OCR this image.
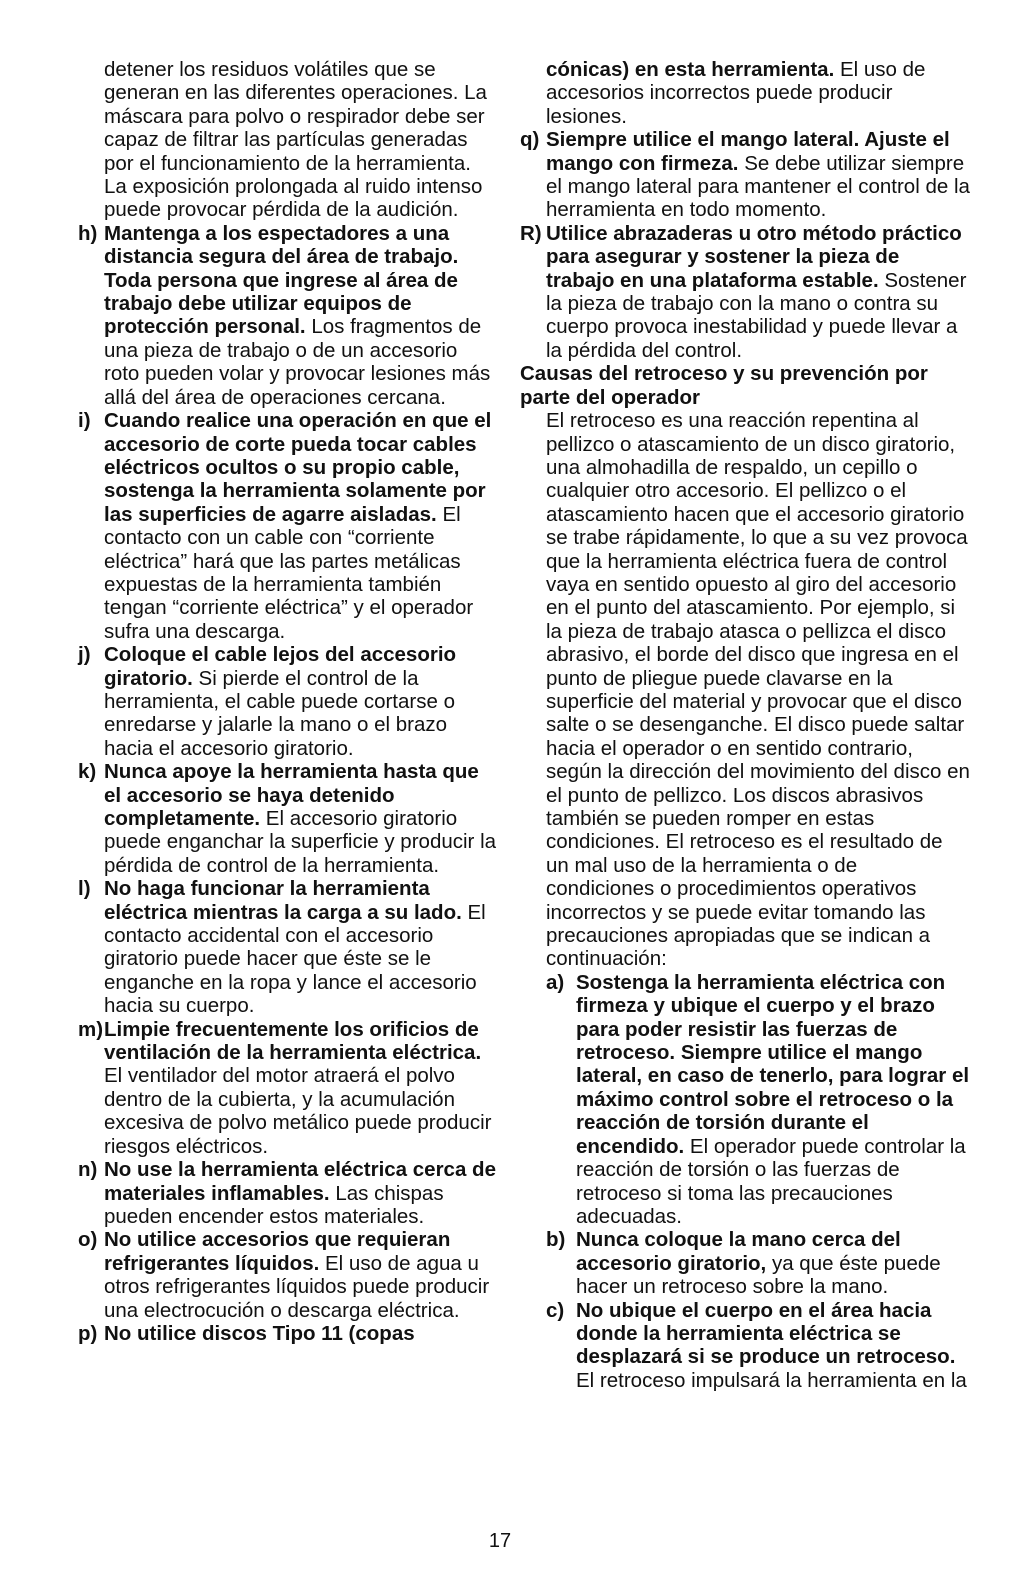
detener los residuos volátiles que se generan en las diferentes operaciones. La máscara para polvo o respirador debe ser capaz de filtrar las partículas generadas por el funcionamiento de la herramienta. La exposición prolongada al ruido intenso puede provocar pérdida de la audición.

h) Mantenga a los espectadores a una distancia segura del área de trabajo. Toda persona que ingrese al área de trabajo debe utilizar equipos de protección personal. Los fragmentos de una pieza de trabajo o de un accesorio roto pueden volar y provocar lesiones más allá del área de operaciones cercana.

i) Cuando realice una operación en que el accesorio de corte pueda tocar cables eléctricos ocultos o su propio cable, sostenga la herramienta solamente por las superficies de agarre aisladas. El contacto con un cable con “corriente eléctrica” hará que las partes metálicas expuestas de la herramienta también tengan “corriente eléctrica” y el operador sufra una descarga.

j) Coloque el cable lejos del accesorio giratorio. Si pierde el control de la herramienta, el cable puede cortarse o enredarse y jalarle la mano o el brazo hacia el accesorio giratorio.

k) Nunca apoye la herramienta hasta que el accesorio se haya detenido completamente. El accesorio giratorio puede enganchar la superficie y producir la pérdida de control de la herramienta.

l) No haga funcionar la herramienta eléctrica mientras la carga a su lado. El contacto accidental con el accesorio giratorio puede hacer que éste se le enganche en la ropa y lance el accesorio hacia su cuerpo.

m) Limpie frecuentemente los orificios de ventilación de la herramienta eléctrica. El ventilador del motor atraerá el polvo dentro de la cubierta, y la acumulación excesiva de polvo metálico puede producir riesgos eléctricos.

n) No use la herramienta eléctrica cerca de materiales inflamables. Las chispas pueden encender estos materiales.

o) No utilice accesorios que requieran refrigerantes líquidos. El uso de agua u otros refrigerantes líquidos puede producir una electrocución o descarga eléctrica.

p) No utilice discos Tipo 11 (copas

cónicas) en esta herramienta. El uso de accesorios incorrectos puede producir lesiones.

q) Siempre utilice el mango lateral. Ajuste el mango con firmeza. Se debe utilizar siempre el mango lateral para mantener el control de la herramienta en todo momento.

R) Utilice abrazaderas u otro método práctico para asegurar y sostener la pieza de trabajo en una plataforma estable. Sostener la pieza de trabajo con la mano o contra su cuerpo provoca inestabilidad y puede llevar a la pérdida del control.

Causas del retroceso y su prevención por parte del operador

El retroceso es una reacción repentina al pellizco o atascamiento de un disco giratorio, una almohadilla de respaldo, un cepillo o cualquier otro accesorio. El pellizco o el atascamiento hacen que el accesorio giratorio se trabe rápidamente, lo que a su vez provoca que la herramienta eléctrica fuera de control vaya en sentido opuesto al giro del accesorio en el punto del atascamiento. Por ejemplo, si la pieza de trabajo atasca o pellizca el disco abrasivo, el borde del disco que ingresa en el punto de pliegue puede clavarse en la superficie del material y provocar que el disco salte o se desenganche. El disco puede saltar hacia el operador o en sentido contrario, según la dirección del movimiento del disco en el punto de pellizco. Los discos abrasivos también se pueden romper en estas condiciones. El retroceso es el resultado de un mal uso de la herramienta o de condiciones o procedimientos operativos incorrectos y se puede evitar tomando las precauciones apropiadas que se indican a continuación:

a) Sostenga la herramienta eléctrica con firmeza y ubique el cuerpo y el brazo para poder resistir las fuerzas de retroceso. Siempre utilice el mango lateral, en caso de tenerlo, para lograr el máximo control sobre el retroceso o la reacción de torsión durante el encendido. El operador puede controlar la reacción de torsión o las fuerzas de retroceso si toma las precauciones adecuadas.

b) Nunca coloque la mano cerca del accesorio giratorio, ya que éste puede hacer un retroceso sobre la mano.

c) No ubique el cuerpo en el área hacia donde la herramienta eléctrica se desplazará si se produce un retroceso. El retroceso impulsará la herramienta en la

17
